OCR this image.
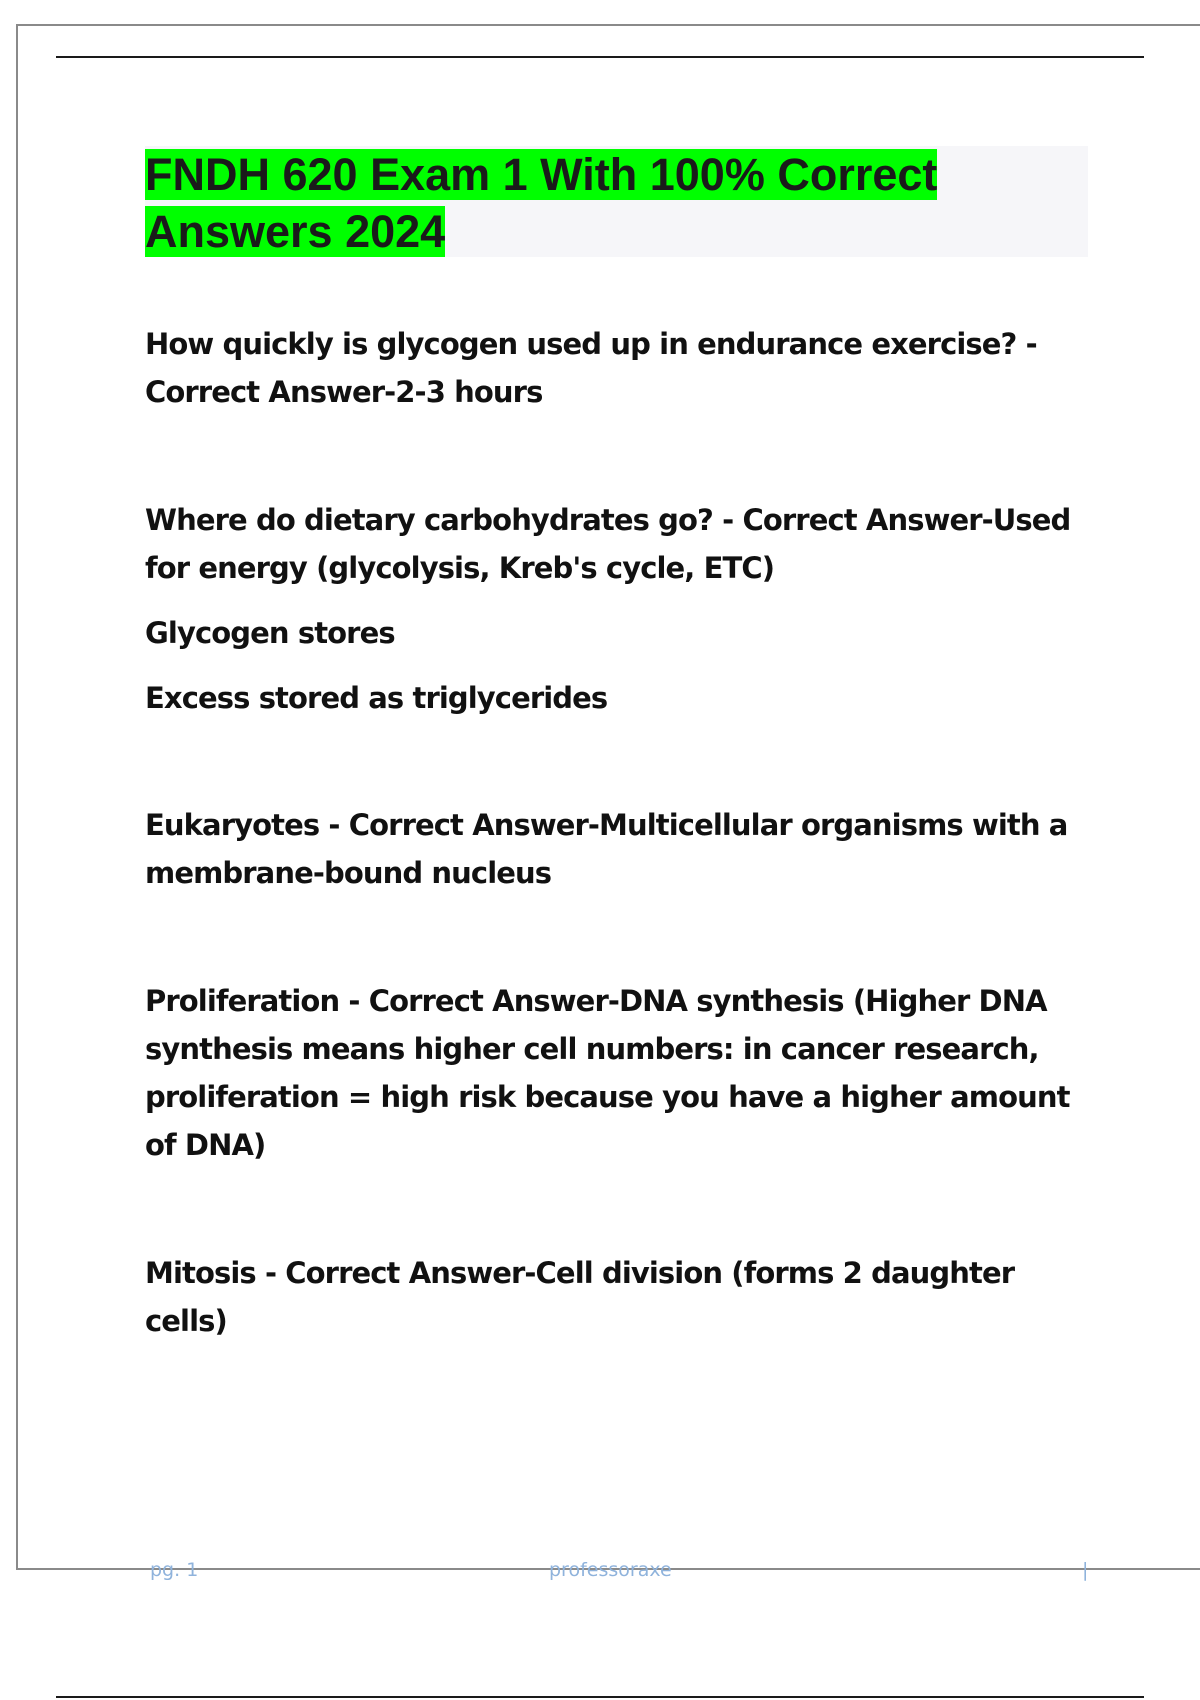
FNDH 620 Exam 1 With 100% Correct Answers 2024

How quickly is glycogen used up in endurance exercise? - Correct Answer-2-3 hours

Where do dietary carbohydrates go? - Correct Answer-Used for energy (glycolysis, Kreb's cycle, ETC)

Glycogen stores

Excess stored as triglycerides

Eukaryotes - Correct Answer-Multicellular organisms with a membrane-bound nucleus

Proliferation - Correct Answer-DNA synthesis (Higher DNA synthesis means higher cell numbers: in cancer research, proliferation = high risk because you have a higher amount of DNA)

Mitosis - Correct Answer-Cell division (forms 2 daughter cells)

pg. 1	professoraxe	|
